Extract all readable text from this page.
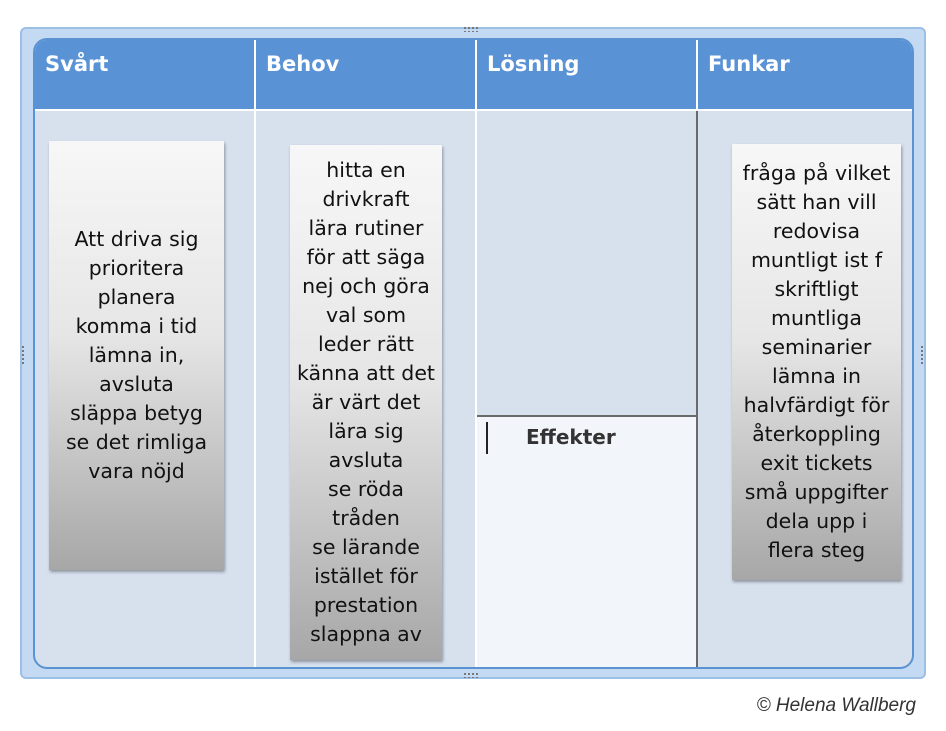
Svårt	Behov	Lösning	Funkar
Effekter
Att driva sig
prioritera
planera
komma i tid
lämna in,
avsluta
släppa betyg
se det rimliga
vara nöjd
hitta en
drivkraft
lära rutiner
för att säga
nej och göra
val som
leder rätt
känna att det
är värt det
lära sig
avsluta
se röda
tråden
se lärande
istället för
prestation
slappna av
fråga på vilket
sätt han vill
redovisa
muntligt ist f
skriftligt
muntliga
seminarier
lämna in
halvfärdigt för
återkoppling
exit tickets
små uppgifter
dela upp i
flera steg
© Helena Wallberg
